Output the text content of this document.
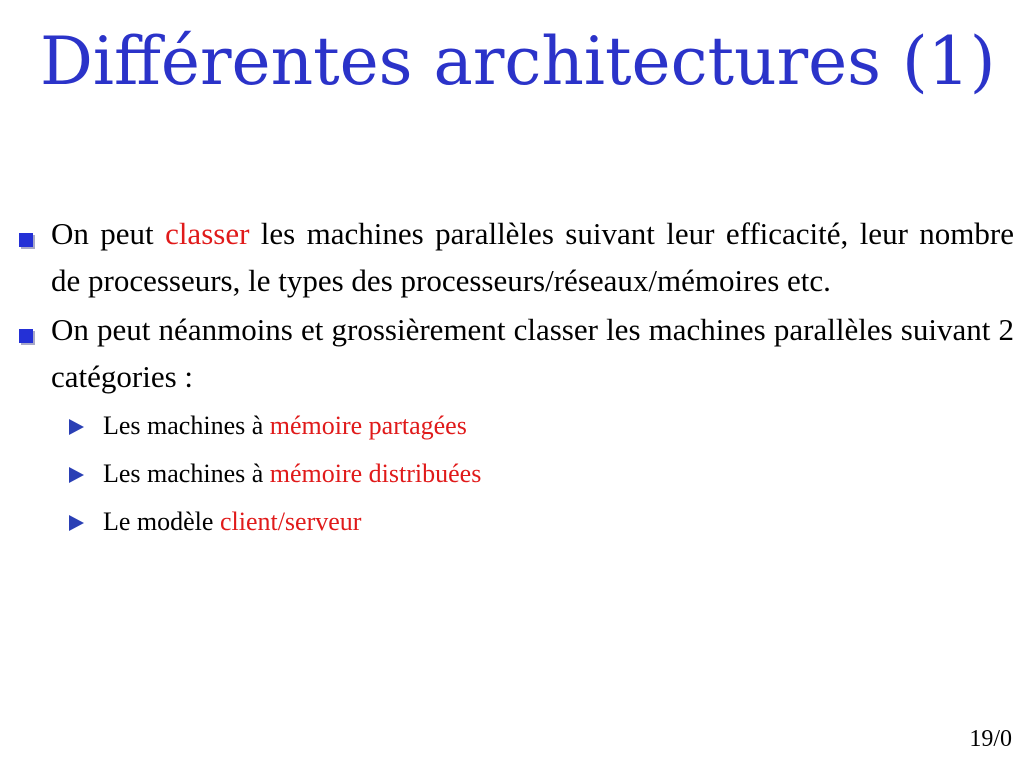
Différentes architectures (1)

On peut classer les machines parallèles suivant leur efficacité, leur nombre de processeurs, le types des processeurs/réseaux/mémoires etc.

On peut néanmoins et grossièrement classer les machines parallèles suivant 2 catégories :

Les machines à mémoire partagées
Les machines à mémoire distribuées
Le modèle client/serveur
19/0
